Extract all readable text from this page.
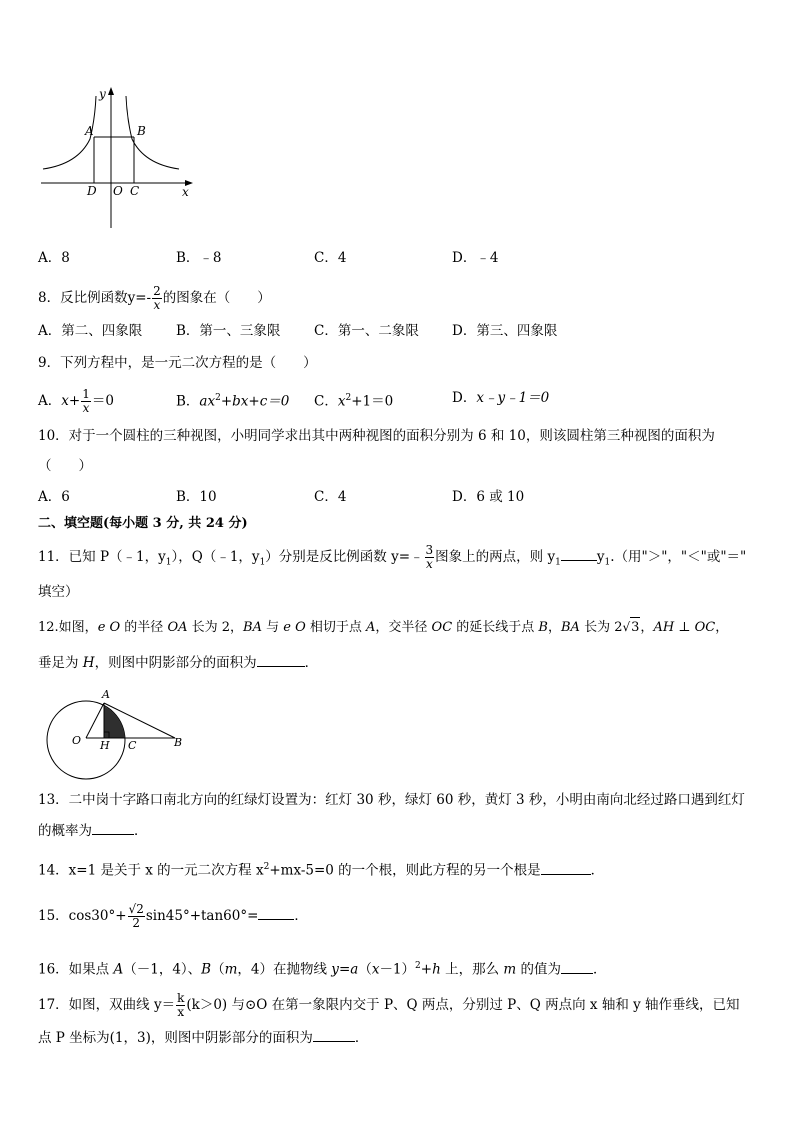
y
A	B
D O C	x
A．8	B．﹣8	C．4	D．﹣4
8．反比例函数$y=- \frac{2}{x}$ 的图象在（　　）
A．第二、四象限	B．第一、三象限 C．第一、二象限 D．第三、四象限
9．下列方程中，是一元二次方程的是（　　）
A．$x+ \frac{1}{x} =0$	B．$ax^2+bx+c=0$ C．$x^2+1=0$	D．x﹣y﹣1＝0
10．对于一个圆柱的三种视图，小明同学求出其中两种视图的面积分别为 6 和 10，则该圆柱第三种视图的面积为
（　　）
A．6	B．10	C．4	D．6 或 10
二、填空题(每小题 3 分, 共 24 分)
11．已知 P（﹣1，$y_1$），Q（﹣1，$y_1$）分别是反比例函数 y=﹣ $\frac{3}{x}$ 图象上的两点，则 $y_1$	$y_1$.（用"＞"，"＜"或"＝"
填空）
12.如图，e O 的半径 OA 长为 2，BA 与 e O 相切于点 A，交半径 OC 的延长线于点 B，BA 长为 2√3，AH ⊥ OC，
垂足为 H，则图中阴影部分的面积为	．
A
O H C	B
13．二中岗十字路口南北方向的红绿灯设置为：红灯 30 秒，绿灯 60 秒，黄灯 3 秒，小明由南向北经过路口遇到红灯
的概率为	．
14．x=1 是关于 x 的一元二次方程 $x^2+mx-5=0$ 的一个根，则此方程的另一个根是	．
15．$\cos 30^\circ+ \frac{√2}{2} \sin 45^\circ+\tan 60^\circ=$	．
16．如果点 A（－1，4）、B（m，4）在抛物线 $y=a(x-1)^2+h$ 上，那么 m 的值为 ．
17．如图，双曲线 $y= \frac{k}{x} (k>0)$ 与⊙O 在第一象限内交于 P、Q 两点，分别过 P、Q 两点向 x 轴和 y 轴作垂线，已知
点 P 坐标为(1，3)，则图中阴影部分的面积为	．
